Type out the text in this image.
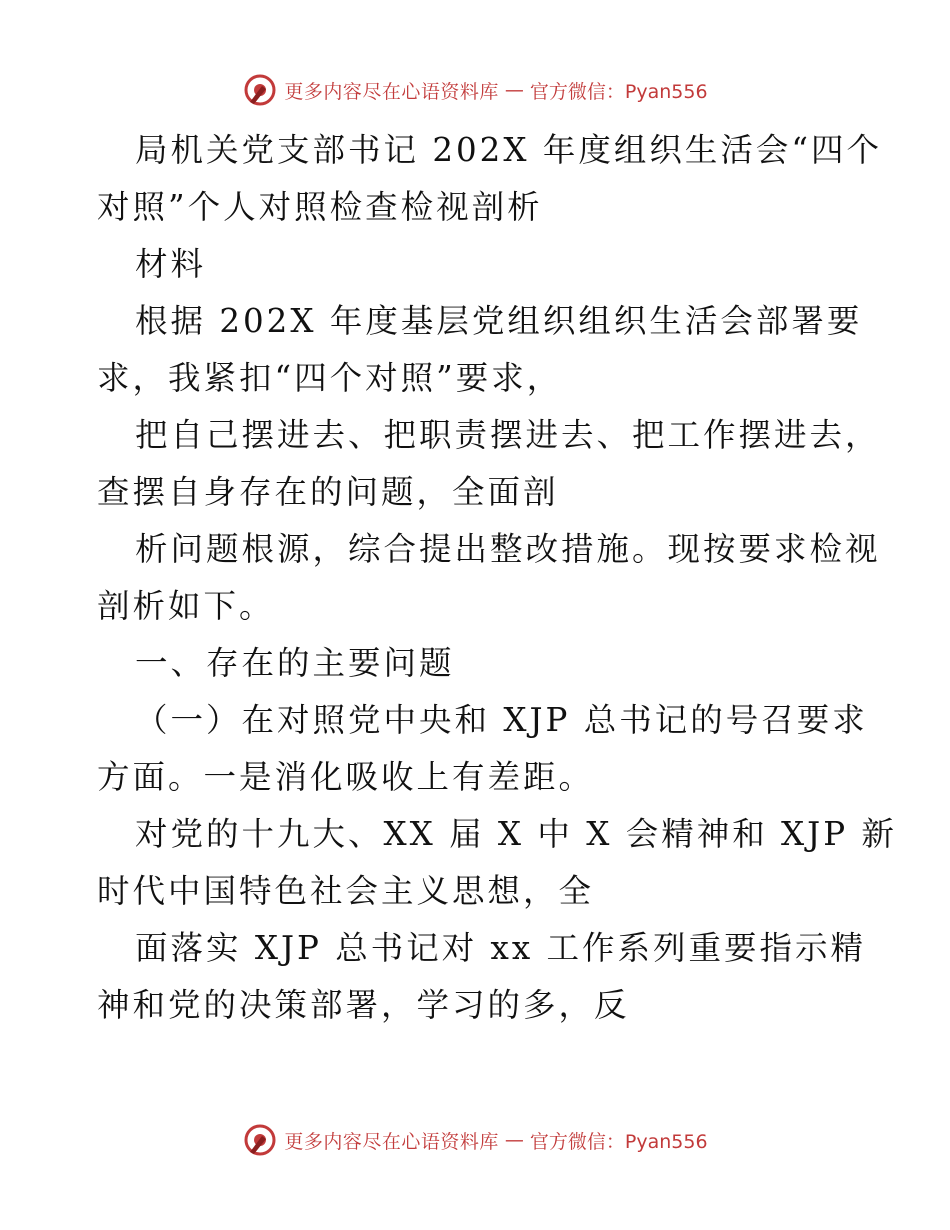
更多内容尽在心语资料库 — 官方微信：Pyan556
局机关党支部书记 202X 年度组织生活会“四个
对照”个人对照检查检视剖析
材料
根据 202X 年度基层党组织组织生活会部署要
求，我紧扣“四个对照”要求，
把自己摆进去、把职责摆进去、把工作摆进去，
查摆自身存在的问题，全面剖
析问题根源，综合提出整改措施。现按要求检视
剖析如下。
一、存在的主要问题
（一）在对照党中央和 XJP 总书记的号召要求
方面。一是消化吸收上有差距。
对党的十九大、XX 届 X 中 X 会精神和 XJP 新
时代中国特色社会主义思想，全
面落实 XJP 总书记对 xx 工作系列重要指示精
神和党的决策部署，学习的多，反
更多内容尽在心语资料库 — 官方微信：Pyan556
